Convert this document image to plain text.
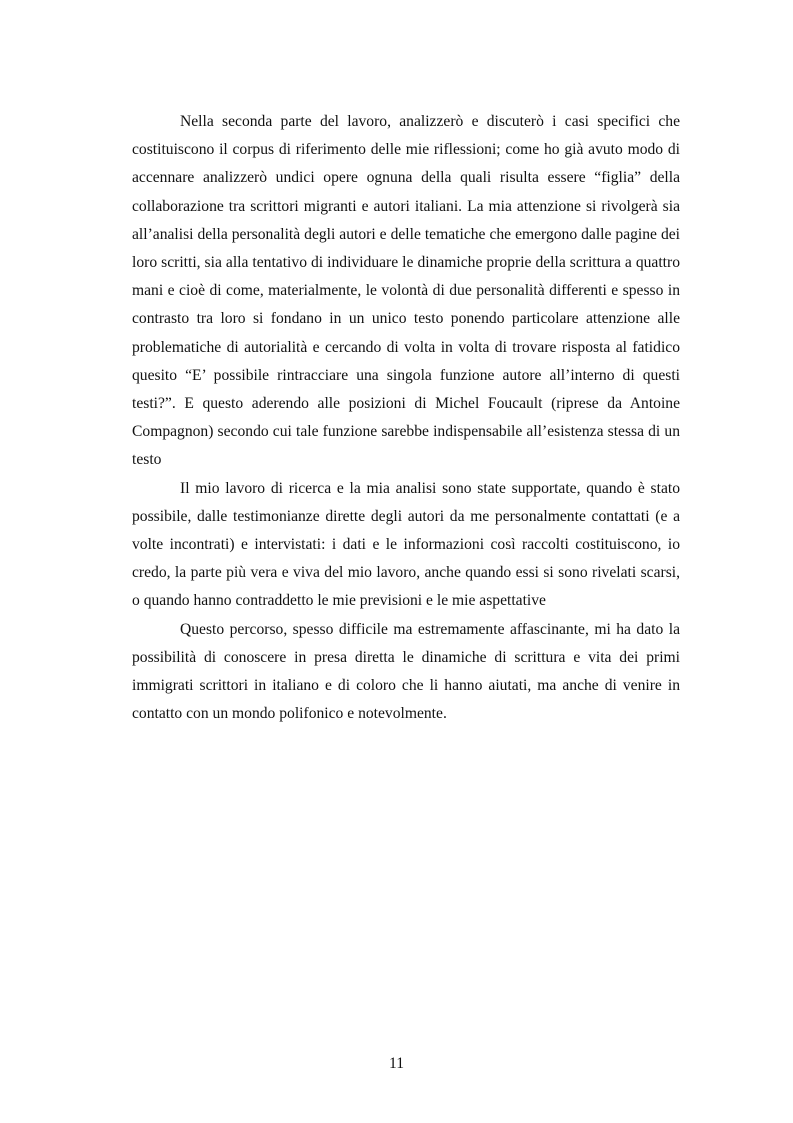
Nella seconda parte del lavoro, analizzerò e discuterò i casi specifici che costituiscono il corpus di riferimento delle mie riflessioni; come ho già avuto modo di accennare analizzerò undici opere ognuna della quali risulta essere “figlia” della collaborazione tra scrittori migranti e autori italiani. La mia attenzione si rivolgerà sia all’analisi della personalità degli autori e delle tematiche che emergono dalle pagine dei loro scritti, sia alla tentativo di individuare le dinamiche proprie della scrittura a quattro mani e cioè di come, materialmente, le volontà di due personalità differenti e spesso in contrasto tra loro si fondano in un unico testo ponendo particolare attenzione alle problematiche di autorialità e cercando di volta in volta di trovare risposta al fatidico quesito “E’ possibile rintracciare una singola funzione autore all’interno di questi testi?”. E questo aderendo alle posizioni di Michel Foucault (riprese da Antoine Compagnon) secondo cui tale funzione sarebbe indispensabile all’esistenza stessa di un testo

Il mio lavoro di ricerca e la mia analisi sono state supportate, quando è stato possibile, dalle testimonianze dirette degli autori da me personalmente contattati (e a volte incontrati) e intervistati: i dati e le informazioni così raccolti costituiscono, io credo, la parte più vera e viva del mio lavoro, anche quando essi si sono rivelati scarsi, o quando hanno contraddetto le mie previsioni e le mie aspettative

Questo percorso, spesso difficile ma estremamente affascinante, mi ha dato la possibilità di conoscere in presa diretta le dinamiche di scrittura e vita dei primi immigrati scrittori in italiano e di coloro che li hanno aiutati, ma anche di venire in contatto con un mondo polifonico e notevolmente.

11
